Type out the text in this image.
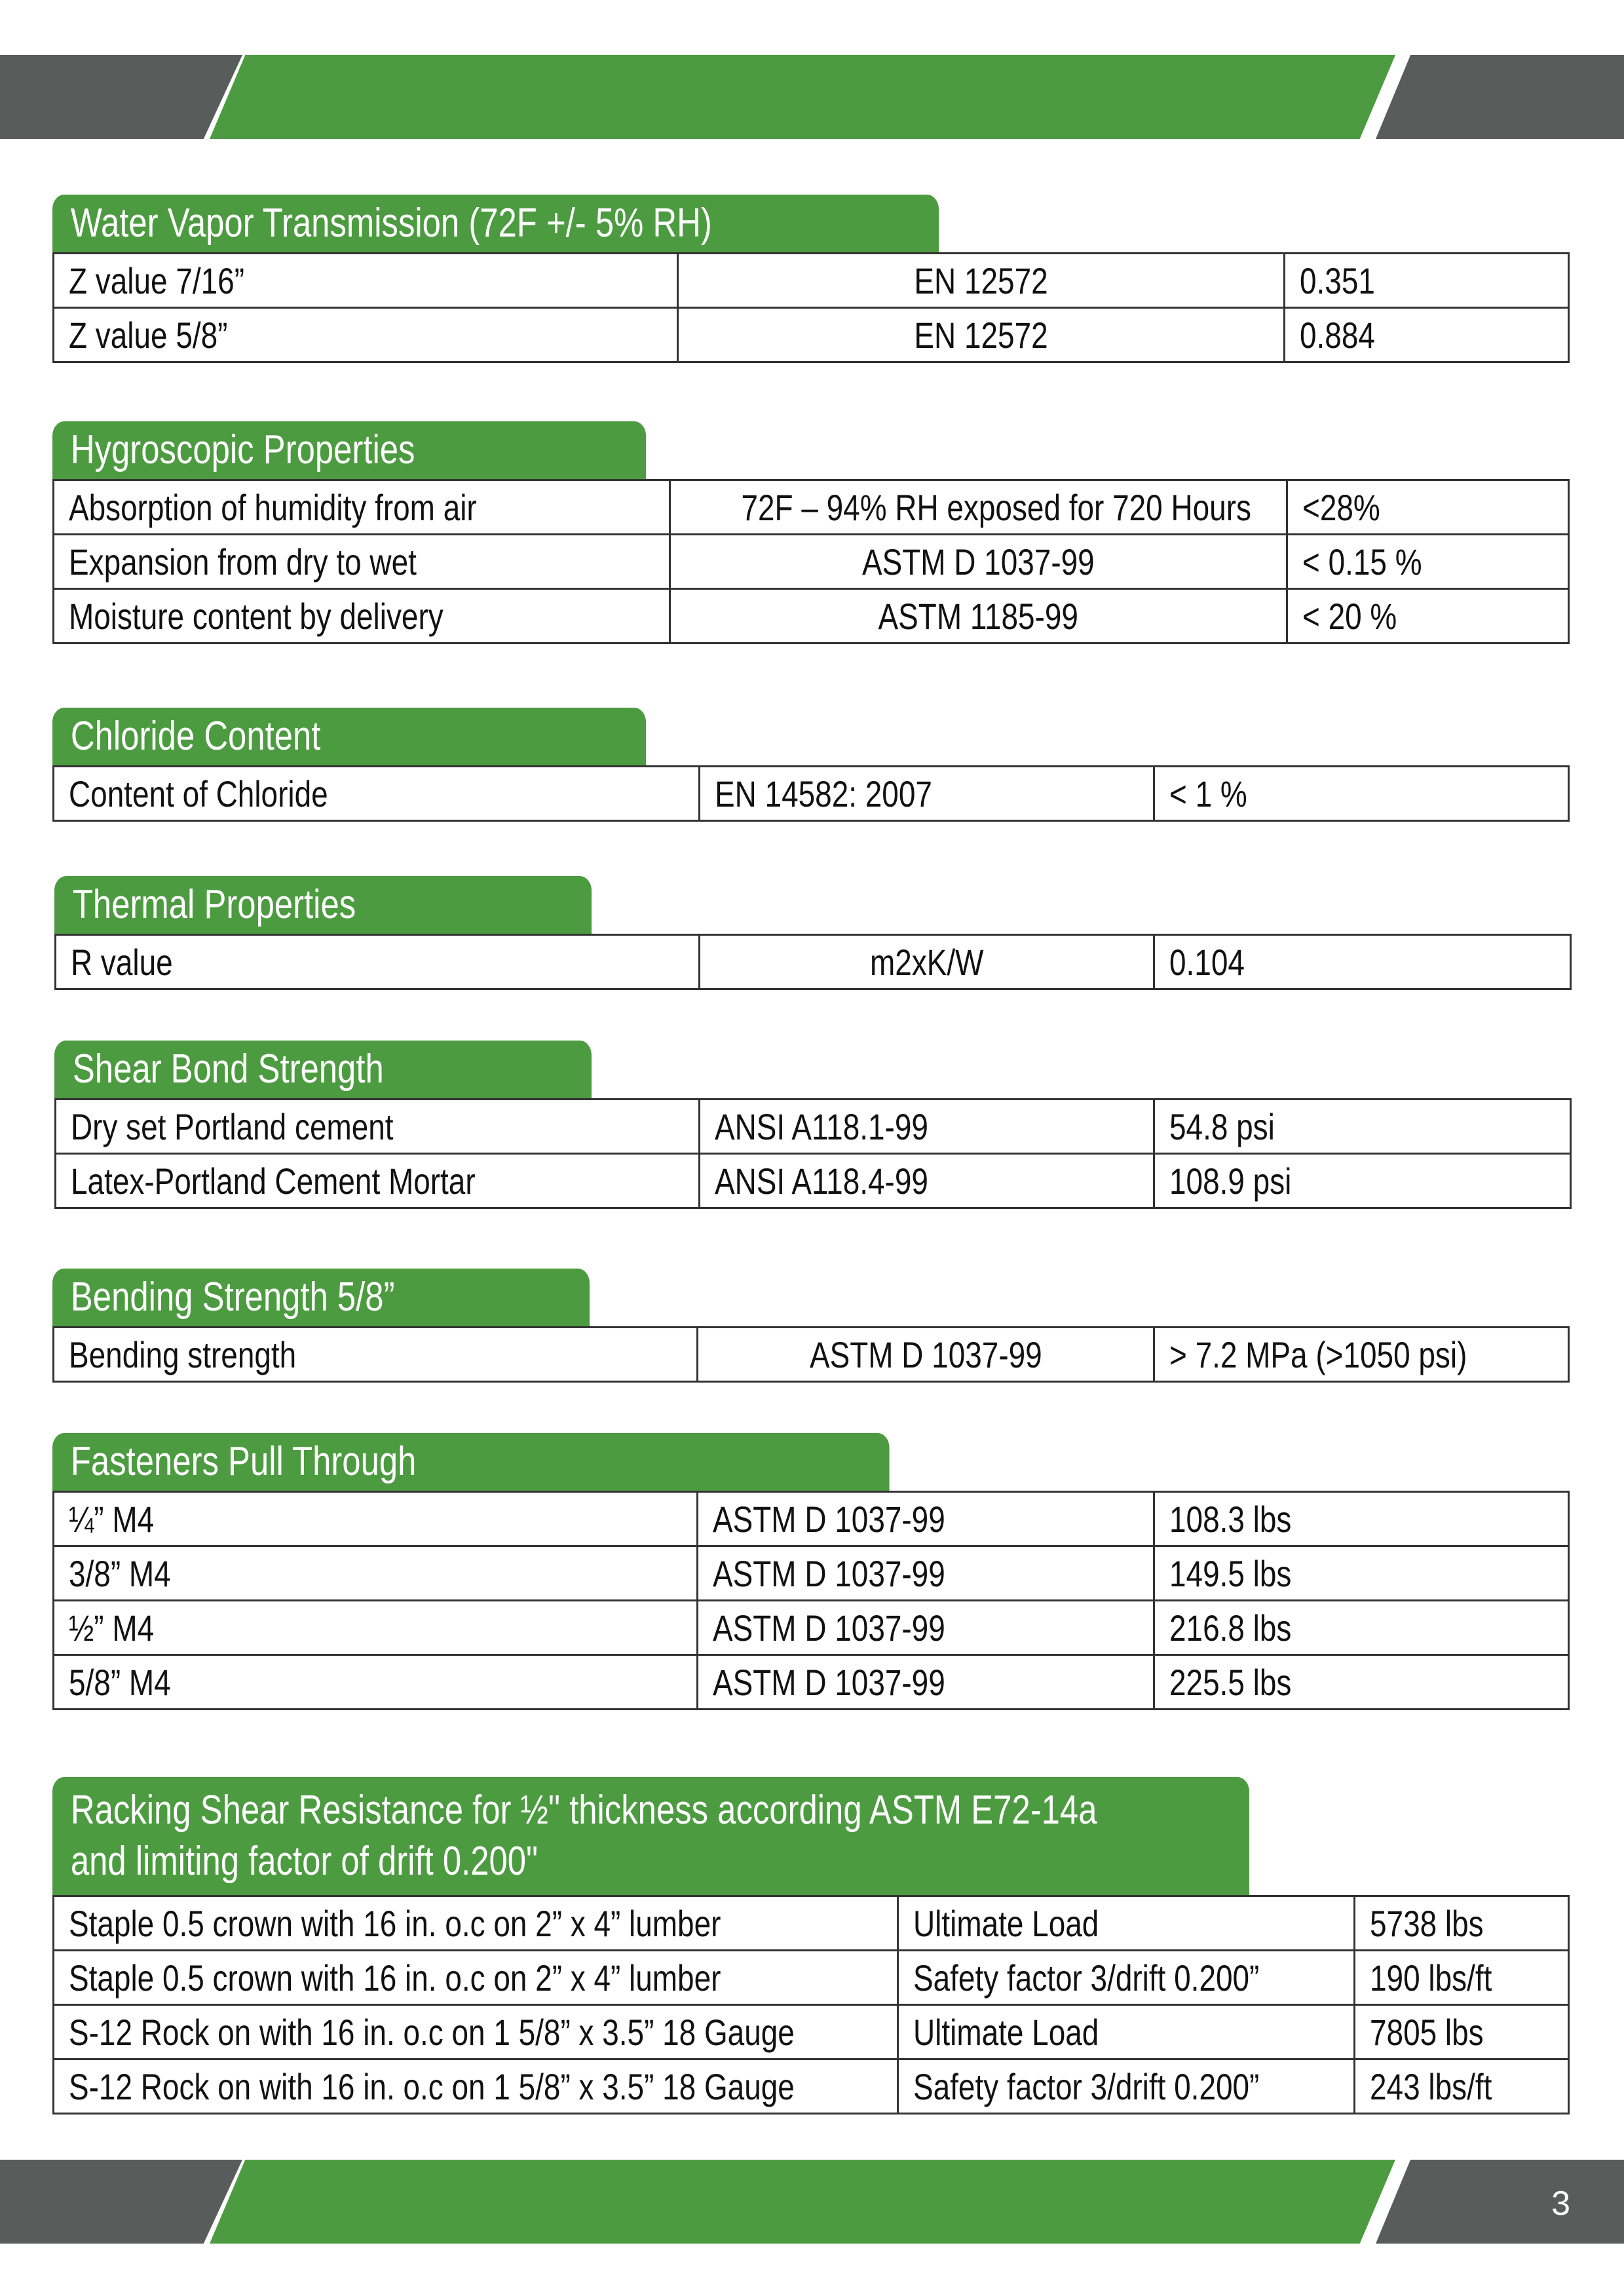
Water Vapor Transmission (72F +/- 5% RH)
Z value 7/16”	EN 12572	0.351
Z value 5/8”	EN 12572	0.884
Hygroscopic Properties
Absorption of humidity from air	72F – 94% RH exposed for 720 Hours	<28%
Expansion from dry to wet	ASTM D 1037-99	< 0.15 %
Moisture content by delivery	ASTM 1185-99	< 20 %
Chloride Content
Content of Chloride	EN 14582: 2007	< 1 %
Thermal Properties
R value	m2xK/W	0.104
Shear Bond Strength
Dry set Portland cement	ANSI A118.1-99	54.8 psi
Latex-Portland Cement Mortar	ANSI A118.4-99	108.9 psi
Bending Strength 5/8”
Bending strength	ASTM D 1037-99	> 7.2 MPa (>1050 psi)
Fasteners Pull Through
¼” M4	ASTM D 1037-99	108.3 lbs
3/8” M4	ASTM D 1037-99	149.5 lbs
½” M4	ASTM D 1037-99	216.8 lbs
5/8” M4	ASTM D 1037-99	225.5 lbs
Racking Shear Resistance for ½" thickness according ASTM E72-14a
and limiting factor of drift 0.200"
Staple 0.5 crown with 16 in. o.c on 2” x 4” lumber	Ultimate Load	5738 lbs
Staple 0.5 crown with 16 in. o.c on 2” x 4” lumber	Safety factor 3/drift 0.200”	190 lbs/ft
S-12 Rock on with 16 in. o.c on 1 5/8” x 3.5” 18 Gauge	Ultimate Load	7805 lbs
S-12 Rock on with 16 in. o.c on 1 5/8” x 3.5” 18 Gauge	Safety factor 3/drift 0.200”	243 lbs/ft
3
